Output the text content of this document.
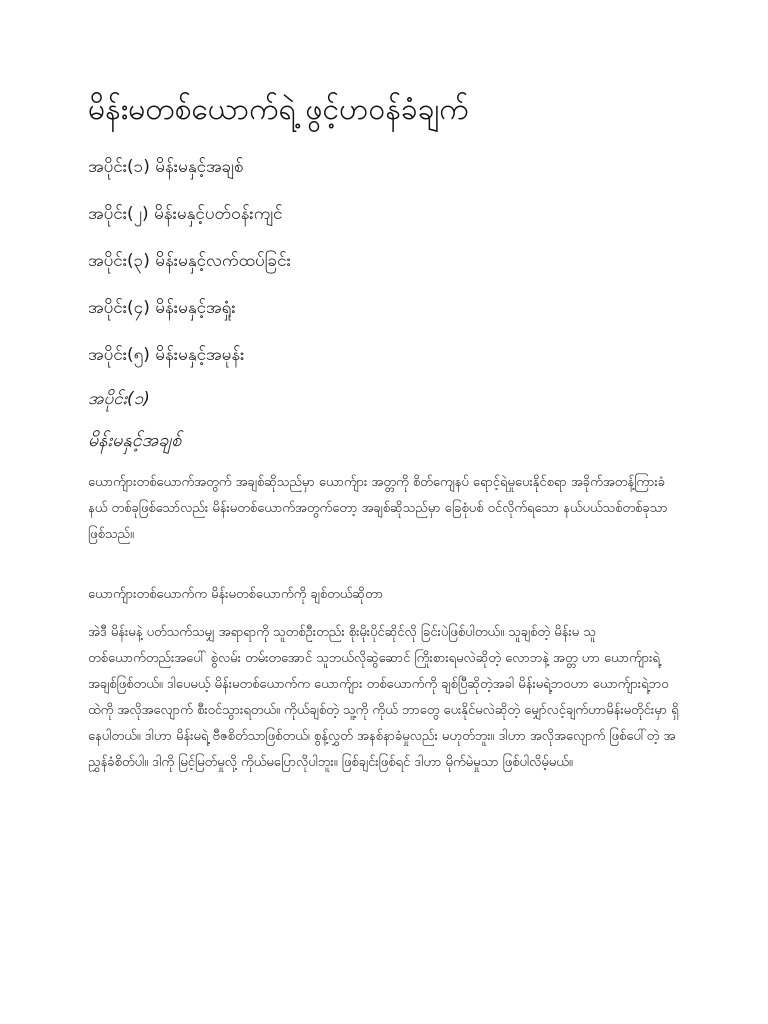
မိန်းမတစ်ယောက်ရဲ့ ဖွင့်ဟဝန်ခံချက်
အပိုင်း(၁) မိန်းမနှင့်အချစ်
အပိုင်း(၂) မိန်းမနှင့်ပတ်ဝန်းကျင်
အပိုင်း(၃) မိန်းမနှင့်လက်ထပ်ခြင်း
အပိုင်း(၄) မိန်းမနှင့်အရှုံး
အပိုင်း(၅) မိန်းမနှင့်အမုန်း

အပိုင်း(၁)

မိန်းမနှင့်အချစ်

ယောက်ျားတစ်ယောက်အတွက် အချစ်ဆိုသည်မှာ ယောက်ျား အတ္တကို စိတ်ကျေနပ် ရောင့်ရဲမှုပေးနိုင်စရာ အခိုက်အတန့်ကြားခံနယ် တစ်ခုဖြစ်သော်လည်း မိန်းမတစ်ယောက်အတွက်တော့ အချစ်ဆိုသည်မှာ ခြေစုံပစ် ဝင်လိုက်ရသော နယ်ပယ်သစ်တစ်ခုသာဖြစ်သည်။

ယောက်ျားတစ်ယောက်က မိန်းမတစ်ယောက်ကို ချစ်တယ်ဆိုတာ

အဲဒီ မိန်းမနဲ့ ပတ်သက်သမျှ အရာရာကို သူတစ်ဦးတည်း စိုးမိုးပိုင်ဆိုင်လို ခြင်းပဲဖြစ်ပါတယ်။ သူချစ်တဲ့ မိန်းမ သူ တစ်ယောက်တည်းအပေါ် စွဲလမ်း တမ်းတအောင် သူဘယ်လိုဆွဲဆောင် ကြိုးစားရမလဲဆိုတဲ့ လောဘနဲ့ အတ္တ ဟာ ယောက်ျားရဲ့ အချစ်ဖြစ်တယ်။ ဒါပေမယ့် မိန်းမတစ်ယောက်က ယောက်ျား တစ်ယောက်ကို ချစ်ပြီဆိုတဲ့အခါ မိန်းမရဲ့ဘဝဟာ ယောက်ျားရဲ့ဘဝထဲကို အလိုအလျောက် စီးဝင်သွားရတယ်။ ကိုယ်ချစ်တဲ့ သူ့ကို ကိုယ် ဘာတွေ ပေးနိုင်မလဲဆိုတဲ့ မျှော်လင့်ချက်ဟာမိန်းမတိုင်းမှာ ရှိနေပါတယ်။ ဒါဟာ မိန်းမရဲ့ ဗီဇစိတ်သာဖြစ်တယ်၊ စွန့်လွှတ် အနစ်နာခံမှုလည်း မဟုတ်ဘူး။ ဒါဟာ အလိုအလျောက် ဖြစ်ပေါ်တဲ့ အညွှန်ခံစိတ်ပါ။ ဒါကို မြင့်မြတ်မှုလို့ ကိုယ်မပြောလိုပါဘူး။ ဖြစ်ချင်းဖြစ်ရင် ဒါဟာ မိုက်မဲမှုသာ ဖြစ်ပါလိမ့်မယ်။
